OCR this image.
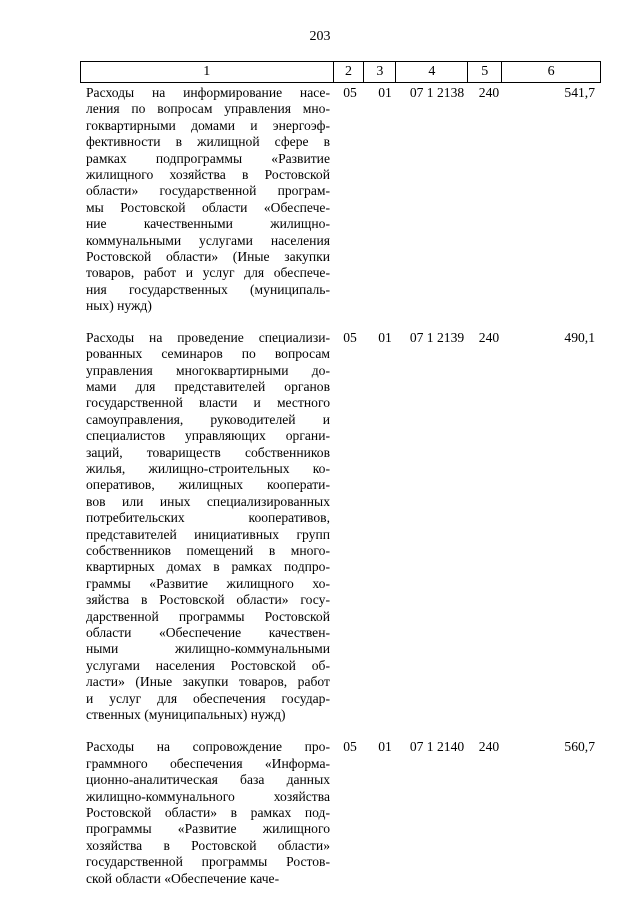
203
1	2	3	4	5	6
Расходы на информирование насе-
ления по вопросам управления мно-
гоквартирными домами и энергоэф-
фективности в жилищной сфере в
рамках подпрограммы «Развитие
жилищного хозяйства в Ростовской
области» государственной програм-
мы Ростовской области «Обеспече-
ние качественными жилищно-
коммунальными услугами населения
Ростовской области» (Иные закупки
товаров, работ и услуг для обеспече-
ния государственных (муниципаль-
ных) нужд)
05	01	07 1 2138	240	541,7
Расходы на проведение специализи-
рованных семинаров по вопросам
управления многоквартирными до-
мами для представителей органов
государственной власти и местного
самоуправления, руководителей и
специалистов управляющих органи-
заций, товариществ собственников
жилья, жилищно-строительных ко-
оперативов, жилищных кооперати-
вов или иных специализированных
потребительских кооперативов,
представителей инициативных групп
собственников помещений в много-
квартирных домах в рамках подпро-
граммы «Развитие жилищного хо-
зяйства в Ростовской области» госу-
дарственной программы Ростовской
области «Обеспечение качествен-
ными жилищно-коммунальными
услугами населения Ростовской об-
ласти» (Иные закупки товаров, работ
и услуг для обеспечения государ-
ственных (муниципальных) нужд)
05	01	07 1 2139	240	490,1
Расходы на сопровождение про-
граммного обеспечения «Информа-
ционно-аналитическая база данных
жилищно-коммунального хозяйства
Ростовской области» в рамках под-
программы «Развитие жилищного
хозяйства в Ростовской области»
государственной программы Ростов-
ской области «Обеспечение каче-
05	01	07 1 2140	240	560,7
